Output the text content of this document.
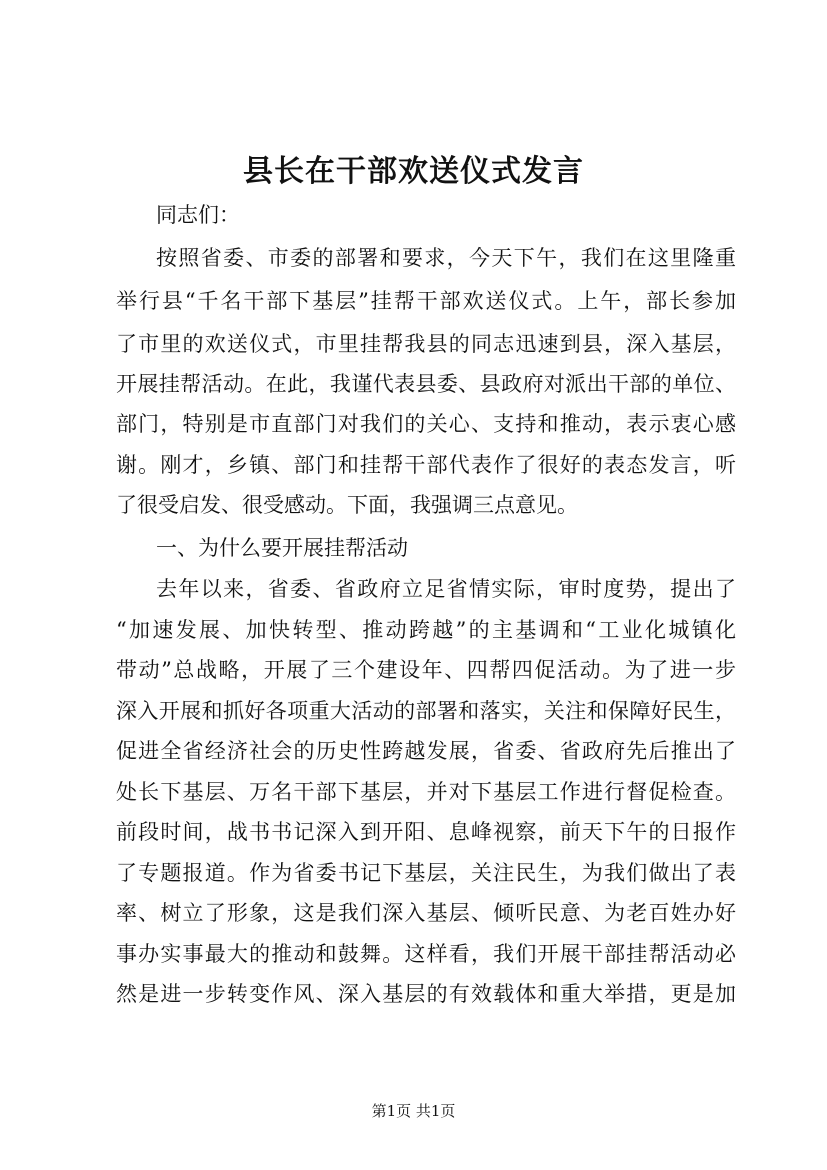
县长在干部欢送仪式发言
同志们：
按照省委、市委的部署和要求，今天下午，我们在这里隆重
举行县“千名干部下基层”挂帮干部欢送仪式。上午，部长参加
了市里的欢送仪式，市里挂帮我县的同志迅速到县，深入基层，
开展挂帮活动。在此，我谨代表县委、县政府对派出干部的单位、
部门，特别是市直部门对我们的关心、支持和推动，表示衷心感
谢。刚才，乡镇、部门和挂帮干部代表作了很好的表态发言，听
了很受启发、很受感动。下面，我强调三点意见。
一、为什么要开展挂帮活动
去年以来，省委、省政府立足省情实际，审时度势，提出了
“加速发展、加快转型、推动跨越”的主基调和“工业化城镇化
带动”总战略，开展了三个建设年、四帮四促活动。为了进一步
深入开展和抓好各项重大活动的部署和落实，关注和保障好民生，
促进全省经济社会的历史性跨越发展，省委、省政府先后推出了
处长下基层、万名干部下基层，并对下基层工作进行督促检查。
前段时间，战书书记深入到开阳、息峰视察，前天下午的日报作
了专题报道。作为省委书记下基层，关注民生，为我们做出了表
率、树立了形象，这是我们深入基层、倾听民意、为老百姓办好
事办实事最大的推动和鼓舞。这样看，我们开展干部挂帮活动必
然是进一步转变作风、深入基层的有效载体和重大举措，更是加
第1页 共1页
